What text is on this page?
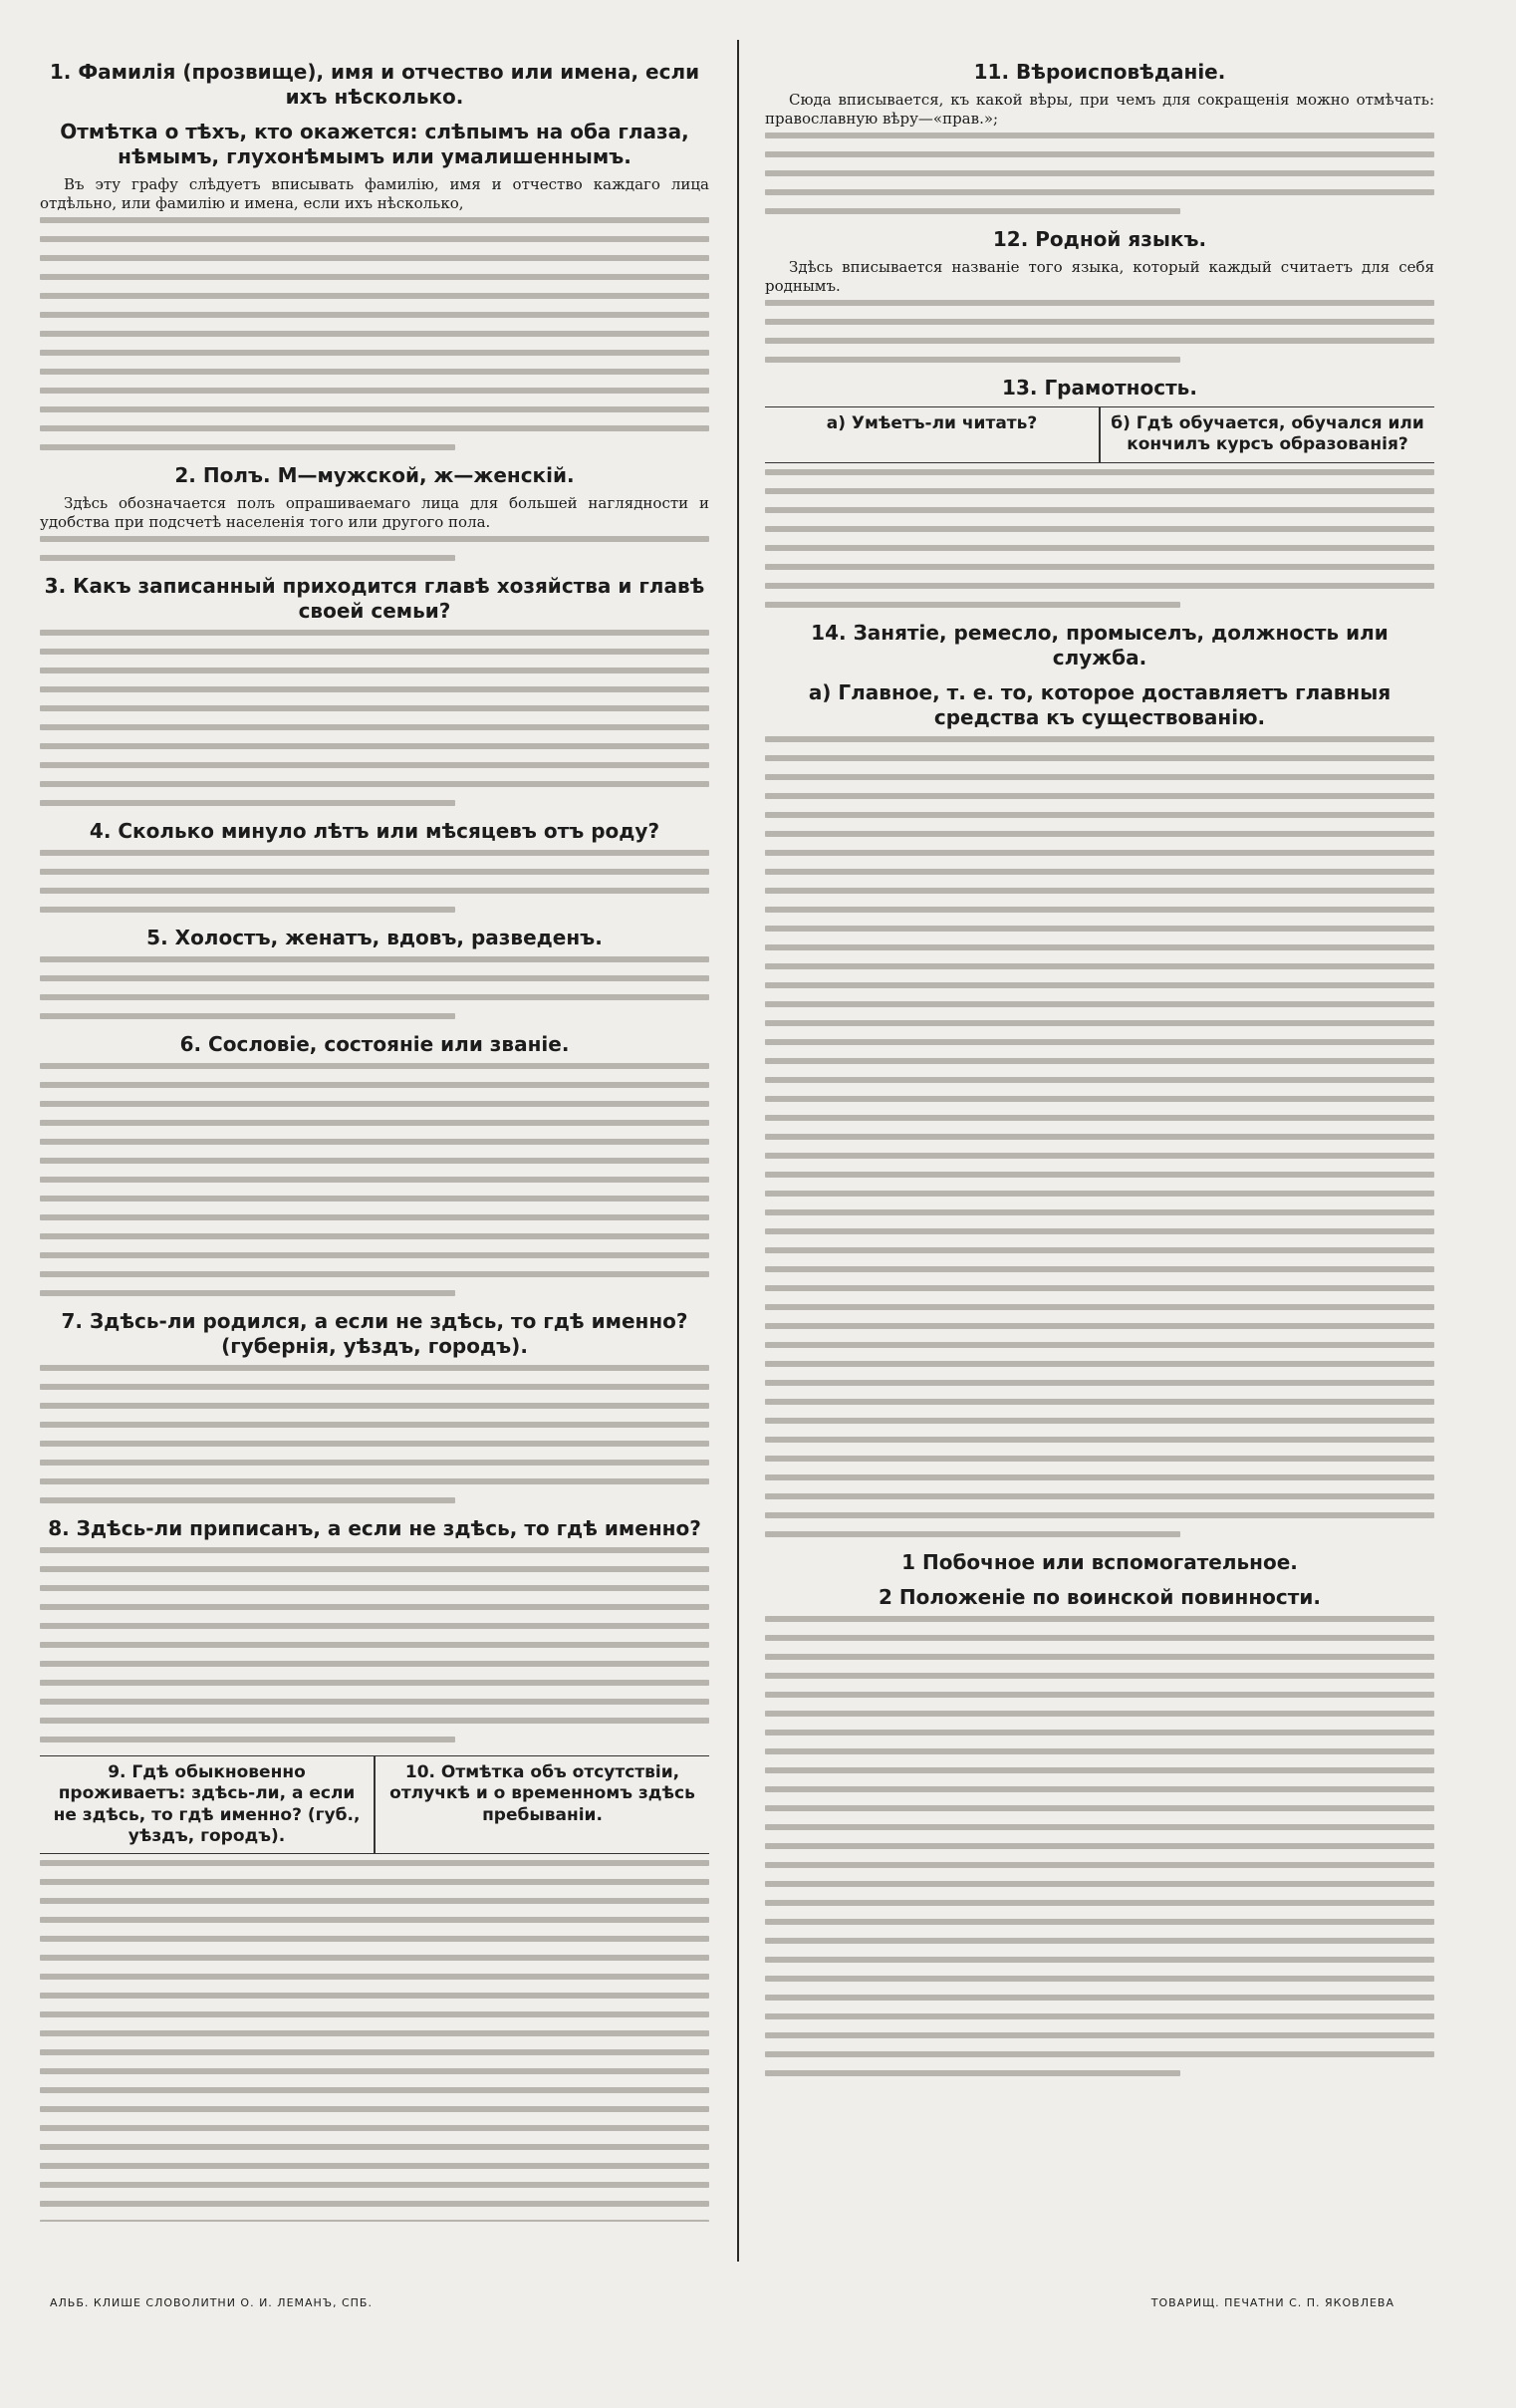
1. Фамилія (прозвище), имя и отчество или имена, если ихъ нѣсколько.
Отмѣтка о тѣхъ, кто окажется: слѣпымъ на оба глаза, нѣмымъ, глухонѣмымъ или умалишеннымъ.

Въ эту графу слѣдуетъ вписывать фамилію, имя и отчество каждаго лица отдѣльно, или фамилію и имена, если ихъ нѣсколько,

2. Полъ. М—мужской, ж—женскій.

Здѣсь обозначается полъ опрашиваемаго лица для большей наглядности и удобства при подсчетѣ населенія того или другого пола.

3. Какъ записанный приходится главѣ хозяйства и главѣ своей семьи?
4. Сколько минуло лѣтъ или мѣсяцевъ отъ роду?
5. Холостъ, женатъ, вдовъ, разведенъ.
6. Сословіе, состояніе или званіе.
7. Здѣсь-ли родился, а если не здѣсь, то гдѣ именно? (губернія, уѣздъ, городъ).
8. Здѣсь-ли приписанъ, а если не здѣсь, то гдѣ именно?
9. Гдѣ обыкновенно проживаетъ: здѣсь-ли, а если не здѣсь, то гдѣ именно? (губ., уѣздъ, городъ).
10. Отмѣтка объ отсутствіи, отлучкѣ и о временномъ здѣсь пребываніи.
11. Вѣроисповѣданіе.

Сюда вписывается, къ какой вѣры, при чемъ для сокращенія можно отмѣчать: православную вѣру—«прав.»;

12. Родной языкъ.

Здѣсь вписывается названіе того языка, который каждый считаетъ для себя роднымъ.

13. Грамотность.
а) Умѣетъ-ли читать?	б) Гдѣ обучается, обучался или кончилъ курсъ образованія?
14. Занятіе, ремесло, промыселъ, должность или служба.
а) Главное, т. е. то, которое доставляетъ главныя средства къ существованію.
1 Побочное или вспомогательное.
2 Положеніе по воинской повинности.
АЛЬБ. КЛИШЕ СЛОВОЛИТНИ О. И. ЛЕМАНЪ, СПБ.	ТОВАРИЩ. ПЕЧАТНИ С. П. ЯКОВЛЕВА
